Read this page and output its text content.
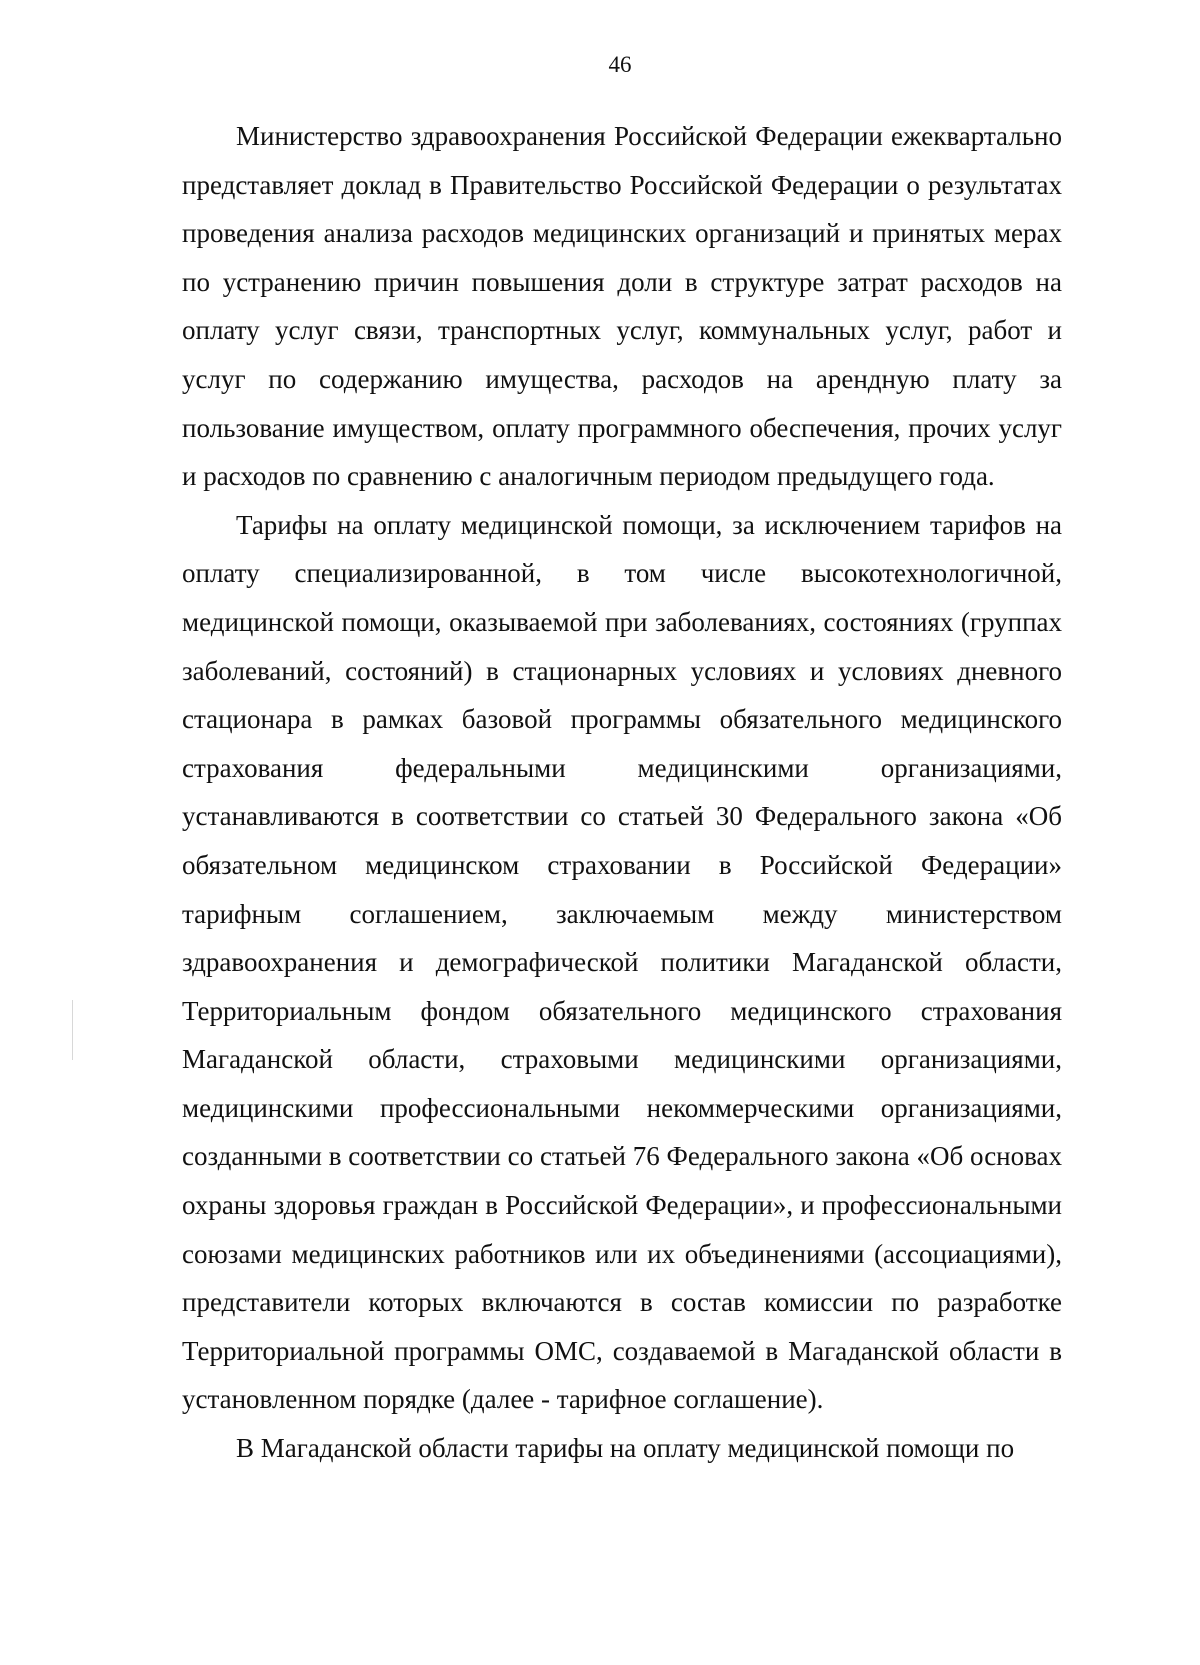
46

Министерство здравоохранения Российской Федерации ежеквартально представляет доклад в Правительство Российской Федерации о результатах проведения анализа расходов медицинских организаций и принятых мерах по устранению причин повышения доли в структуре затрат расходов на оплату услуг связи, транспортных услуг, коммунальных услуг, работ и услуг по содержанию имущества, расходов на арендную плату за пользование имуществом, оплату программного обеспечения, прочих услуг и расходов по сравнению с аналогичным периодом предыдущего года.

Тарифы на оплату медицинской помощи, за исключением тарифов на оплату специализированной, в том числе высокотехнологичной, медицинской помощи, оказываемой при заболеваниях, состояниях (группах заболеваний, состояний) в стационарных условиях и условиях дневного стационара в рамках базовой программы обязательного медицинского страхования федеральными медицинскими организациями, устанавливаются в соответствии со статьей 30 Федерального закона «Об обязательном медицинском страховании в Российской Федерации» тарифным соглашением, заключаемым между министерством здравоохранения и демографической политики Магаданской области, Территориальным фондом обязательного медицинского страхования Магаданской области, страховыми медицинскими организациями, медицинскими профессиональными некоммерческими организациями, созданными в соответствии со статьей 76 Федерального закона «Об основах охраны здоровья граждан в Российской Федерации», и профессиональными союзами медицинских работников или их объединениями (ассоциациями), представители которых включаются в состав комиссии по разработке Территориальной программы ОМС, создаваемой в Магаданской области в установленном порядке (далее - тарифное соглашение).

В Магаданской области тарифы на оплату медицинской помощи по
